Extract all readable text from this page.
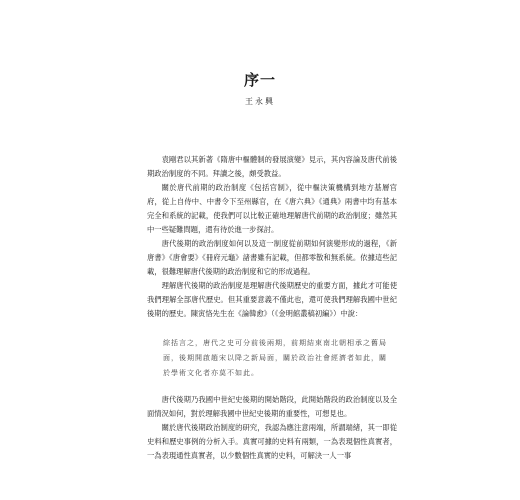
序一
王永興

袁剛君以其新著《隋唐中樞體制的發展演變》見示，其內容論及唐代前後期政治制度的不同。拜讀之後，頗受教益。

關於唐代前期的政治制度《包括官制》，從中樞決策機構到地方基層官府，從上自侍中、中書令下至州縣官，在《唐六典》《通典》兩書中均有基本完全和系統的記載，使我們可以比較正確地理解唐代前期的政治制度；雖然其中一些疑難問題，還有待於進一步探討。

唐代後期的政治制度如何以及這一制度從前期如何演變形成的過程，《新唐書》《唐會要》《冊府元龜》諸書雖有記載，但都零散和無系統。依據這些記載，很難理解唐代後期的政治制度和它的形成過程。

理解唐代後期的政治制度是理解唐代後期歷史的重要方面，據此才可能使我們理解全部唐代歷史。但其重要意義不僅此也，還可使我們理解我國中世紀後期的歷史。陳寅恪先生在《論韓愈》（《金明館叢稿初編》）中說：

綜括言之，唐代之史可分前後兩期，前期結束南北朝相承之舊局面，後期開啟趙宋以降之新局面，關於政治社會經濟者如此，關於學術文化者亦莫不如此。

唐代後期乃我國中世紀史後期的開始階段，此開始階段的政治制度以及全面情況如何，對於理解我國中世紀史後期的重要性，可想見也。

關於唐代後期政治制度的研究，我認為應注意兩端，所謂端緒，其一即從史料和歷史事例的分析入手。真實可據的史料有兩類，一為表現個性真實者，一為表現通性真實者，以少數個性真實的史料，可解決一人一事
